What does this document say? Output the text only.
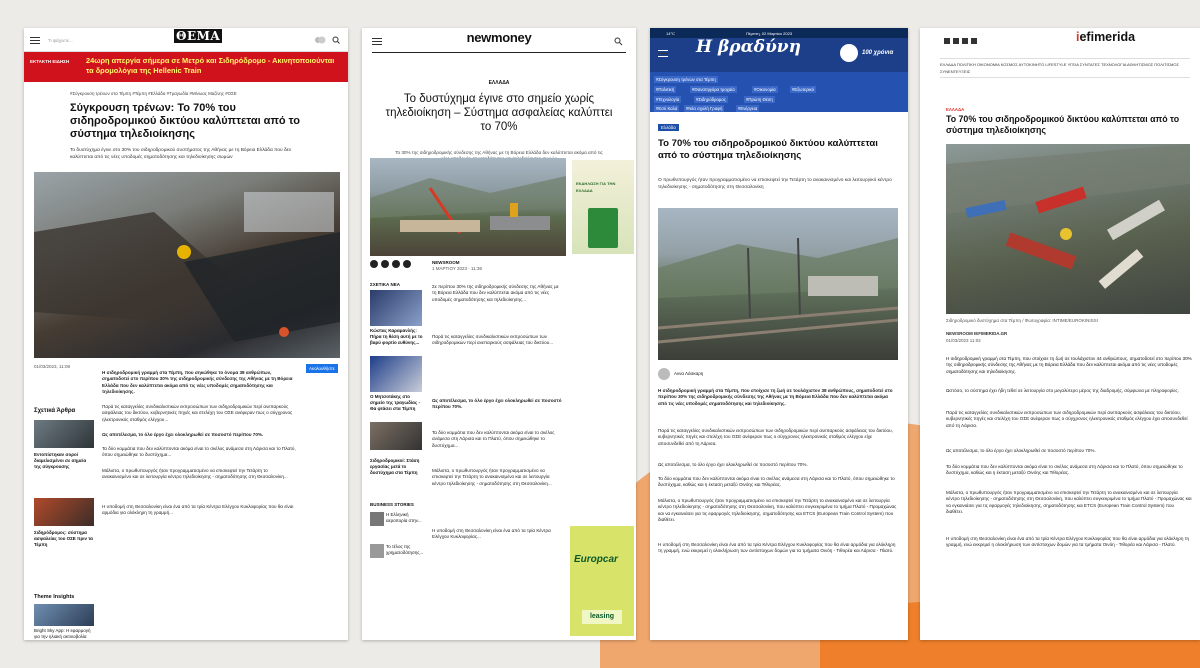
Τι ψάχνετε...	ΘΕΜΑ
ΕΚΤΑΚΤΗ ΕΙΔΗΣΗ	24ωρη απεργία σήμερα σε Μετρό και Σιδηρόδρομο - Ακινητοποιούνται τα δρομολόγια της Hellenic Train
#Σύγκρουση τρένων στα Τέμπη #Τέμπη #Ελλάδα #Τραγωδία #Μίνωας Μαζίνης #ΟΣΕ
Σύγκρουση τρένων: Το 70% του σιδηροδρομικού δικτύου καλύπτεται από το σύστημα τηλεδιοίκησης
Το δυστύχημα έγινε στο 30% του σιδηροδρομικού συστήματος της Αθήνας με τη Βόρεια Ελλάδα που δεν καλύπτεται από τις νέες υποδομές σηματοδότησης και τηλεδιοίκησης σωμών
01/03/2023, 11:08	Ακολουθήστε
Η σιδηροδρομική γραμμή στα Τέμπη, που σηκώθηκε το όνομα 38 ανθρώπων, σηματοδοτεί στο περίπου 30% της σιδηροδρομικής σύνδεσης της Αθήνας με τη Βόρεια Ελλάδα που δεν καλύπτεται ακόμα από τις νέες υποδομές σηματοδότησης και τηλεδιοίκησης.
Παρά τις καταγγελίες συνδικαλιστικών εκπροσώπων των σιδηροδρομικών περί ανεπαρκούς ασφάλειας του δικτύου, κυβερνητικές πηγές και στελέχη του ΟΣΕ ανέφεραν πως ο σύγχρονος ηλεκτρονικός σταθμός ελέγχου...
Ως αποτέλεσμα, το όλο έργο έχει ολοκληρωθεί σε ποσοστό περίπου 70%.
Τα δύο κομμάτια που δεν καλύπτονται ακόμα είναι το σκέλος ανάμεσα στη Λάρισα και το Πλατύ, όπου σημειώθηκε το δυστύχημα...
Μάλιστα, ο πρωθυπουργός ήταν προγραμματισμένο να επισκεφτεί την Τετάρτη το ανακαινισμένο και σε λειτουργία κέντρο τηλεδιοίκησης - σηματοδότησης στη Θεσσαλονίκη...
Η υποδομή στη Θεσσαλονίκη είναι ένα από τα τρία Κέντρα Ελέγχου Κυκλοφορίας που θα είναι αρμόδια για ολόκληρη τη γραμμή...
Σχετικά Άρθρα
Εντοπίστηκαν σοροί διαμελισμένοι σε σημεία της σύγκρουσης
Σιδηρόδρομος: σύστημα ασφαλείας του ΟΣΕ πριν τα Τέμπη
Theme Insights
Bright Sky App: Η εφαρμογή για την ηλιακή ακτινοβολία
newmoney
ΕΛΛΑΔΑ
Το δυστύχημα έγινε στο σημείο χωρίς τηλεδιοίκηση – Σύστημα ασφαλείας καλύπτει το 70%
Το 30% της σιδηροδρομικής σύνδεσης της Αθήνας με τη Βόρεια Ελλάδα δεν καλύπτεται ακόμα από τις
ΕΚΔΗΛΩΣΗ ΓΙΑ ΤΗΝ ΕΛΛΑΔΑ
NEWSROOM
1 ΜΑΡΤΙΟΥ 2023 - 11:36
ΣΧΕΤΙΚΑ ΝΕΑ
Κώστας Καραμανλής: Πήρα τη θέση αυτή με το βαρύ φορτίο ευθύνης...
Ο Μητσοτάκης στο σημείο της τραγωδίας - Θα φτάσει στα Τέμπη
Σιδηροδρομικοί: Στάση εργασίας μετά το δυστύχημα στα Τέμπη
BUSINESS STORIES
Η Ελληνική αεροπορία στην...
Το τέλος της χρηματοδότησης...
Σε περίπου 30% της σιδηροδρομικής σύνδεσης της Αθήνας με τη Βόρεια Ελλάδα που δεν καλύπτεται ακόμα από τις νέες υποδομές σηματοδότησης και τηλεδιοίκησης...
Παρά τις καταγγελίες συνδικαλιστικών εκπροσώπων των σιδηροδρομικών περί ανεπαρκούς ασφάλειας του δικτύου...
Ως αποτέλεσμα, το όλο έργο έχει ολοκληρωθεί σε ποσοστό περίπου 70%.
Τα δύο κομμάτια που δεν καλύπτονται ακόμα είναι το σκέλος ανάμεσα στη Λάρισα και το Πλατύ, όπου σημειώθηκε το δυστύχημα...
Μάλιστα, ο πρωθυπουργός ήταν προγραμματισμένο να επισκεφτεί την Τετάρτη το ανακαινισμένο και σε λειτουργία κέντρο τηλεδιοίκησης - σηματοδότησης στη Θεσσαλονίκη...
Η υποδομή στη Θεσσαλονίκη είναι ένα από τα τρία Κέντρα Ελέγχου Κυκλοφορίας...
Europcar
leasing
14°C	Πέμπτη, 02 Μαρτίου 2023
Η βραδύνη	100 χρόνια
#Σύγκρουση τρένων στα Τέμπη
#Πολιτική	#Θανατηφόρα τροχαία	#Οικονομία	#Εξωτερικό
#Τεχνολογία	#Σιδηρόδρομος	#Πρώτη Θέση
#Εσύ Καλά	#Νέα σχολή Γραφή	#Ενέργεια
Ελλάδα
Το 70% του σιδηροδρομικού δικτύου καλύπτεται από το σύστημα τηλεδιοίκησης
Ο πρωθυπουργός ήταν προγραμματισμένο να επισκεφτεί την Τετάρτη το ανακαινισμένο και λειτουργικό κέντρο τηλεδιοίκησης - σηματοδότησης στη Θεσσαλονίκη
Αννα Λάσκαρη
Η σιδηροδρομική γραμμή στα Τέμπη, που στοίχισε τη ζωή σε τουλάχιστον 38 ανθρώπους, σηματοδοτεί στο περίπου 30% της σιδηροδρομικής σύνδεσης της Αθήνας με τη Βόρεια Ελλάδα που δεν καλύπτεται ακόμα από τις νέες υποδομές σηματοδότησης και τηλεδιοίκησης.
Παρά τις καταγγελίες συνδικαλιστικών εκπροσώπων των σιδηροδρομικών περί ανεπαρκούς ασφάλειας του δικτύου, κυβερνητικές πηγές και στελέχη του ΟΣΕ ανέφεραν πως ο σύγχρονος ηλεκτρονικός σταθμός ελέγχου είχε αποσυνδεθεί από τη Λάρισα.
Ως αποτέλεσμα, το όλο έργο έχει ολοκληρωθεί σε ποσοστό περίπου 70%.
Τα δύο κομμάτια που δεν καλύπτονται ακόμα είναι το σκέλος ανάμεσα στη Λάρισα και το Πλατύ, όπου σημειώθηκε το δυστύχημα, καθώς και η έκταση μεταξύ Οινόης και Τιθορέας.
Μάλιστα, ο πρωθυπουργός ήταν προγραμματισμένο να επισκεφτεί την Τετάρτη το ανακαινισμένο και σε λειτουργία κέντρο τηλεδιοίκησης - σηματοδότησης στη Θεσσαλονίκη, που καλύπτει συγκεκριμένα το τμήμα Πλατύ - Προμαχώνας και να εγκαινιάσει για τις εφαρμογές τηλεδιοίκησης, σηματοδότησης και ETCS (European Train Control System) που διαθέτει.
Η υποδομή στη Θεσσαλονίκη είναι ένα από τα τρία Κέντρα Ελέγχου Κυκλοφορίας που θα είναι αρμόδια για ολόκληρη τη γραμμή, ενώ εκκρεμεί η ολοκλήρωση των αντίστοιχων δομών για τα τμήματα Οινόη - Τιθορέα και Λάρισα - Πλατύ.
iefimerida
ΕΛΛΑΔΑ ΠΟΛΙΤΙΚΗ ΟΙΚΟΝΟΜΙΑ ΚΟΣΜΟΣ ΑΥΤΟΚΙΝΗΤΟ LIFESTYLE ΥΓΕΙΑ ΣΥΝΤΑΓΕΣ ΤΕΧΝΟΛΟΓΙΑ ΑΘΛΗΤΙΣΜΟΣ ΠΟΛΙΤΙΣΜΟΣ ΣΥΝΕΝΤΕΥΞΕΙΣ
ΕΛΛΑΔΑ
Το 70% του σιδηροδρομικού δικτύου καλύπτεται από το σύστημα τηλεδιοίκησης
Σιδηροδρομικό δυστύχημα στα Τέμπη / Φωτογραφία: INTIME/EUROKINISSI
NEWSROOM IEFIMERIDA.GR
01/03/2023 11:02
Η σιδηροδρομική γραμμή στα Τέμπη, που στοίχισε τη ζωή σε τουλάχιστον 44 ανθρώπους, σηματοδοτεί στο περίπου 30% της σιδηροδρομικής σύνδεσης της Αθήνας με τη Βόρεια Ελλάδα που δεν καλύπτεται ακόμα από τις νέες υποδομές σηματοδότησης και τηλεδιοίκησης.
Ωστόσο, το σύστημα έχει ήδη τεθεί σε λειτουργία στο μεγαλύτερο μέρος της διαδρομής, σύμφωνα με πληροφορίες.
Παρά τις καταγγελίες συνδικαλιστικών εκπροσώπων των σιδηροδρομικών περί ανεπαρκούς ασφάλειας του δικτύου, κυβερνητικές πηγές και στελέχη του ΟΣΕ ανέφεραν πως ο σύγχρονος ηλεκτρονικός σταθμός ελέγχου έχει αποσυνδεθεί από τη Λάρισα.
Ως αποτέλεσμα, το όλο έργο έχει ολοκληρωθεί σε ποσοστό περίπου 70%.
Τα δύο κομμάτια που δεν καλύπτονται ακόμα είναι το σκέλος ανάμεσα στη Λάρισα και το Πλατύ, όπου σημειώθηκε το δυστύχημα, καθώς και η έκταση μεταξύ Οινόης και Τιθορέας.
Μάλιστα, ο πρωθυπουργός ήταν προγραμματισμένο να επισκεφτεί την Τετάρτη το ανακαινισμένο και σε λειτουργία κέντρο τηλεδιοίκησης - σηματοδότησης στη Θεσσαλονίκη, που καλύπτει συγκεκριμένα το τμήμα Πλατύ - Προμαχώνας και να εγκαινιάσει για τις εφαρμογές τηλεδιοίκησης, σηματοδότησης και ETCS (European Train Control System) που διαθέτει.
Η υποδομή στη Θεσσαλονίκη είναι ένα από τα τρία Κέντρα Ελέγχου Κυκλοφορίας που θα είναι αρμόδια για ολόκληρη τη γραμμή, ενώ εκκρεμεί η ολοκλήρωση των αντίστοιχων δομών για τα τμήματα Οινόη - Τιθορέα και Λάρισα - Πλατύ.
